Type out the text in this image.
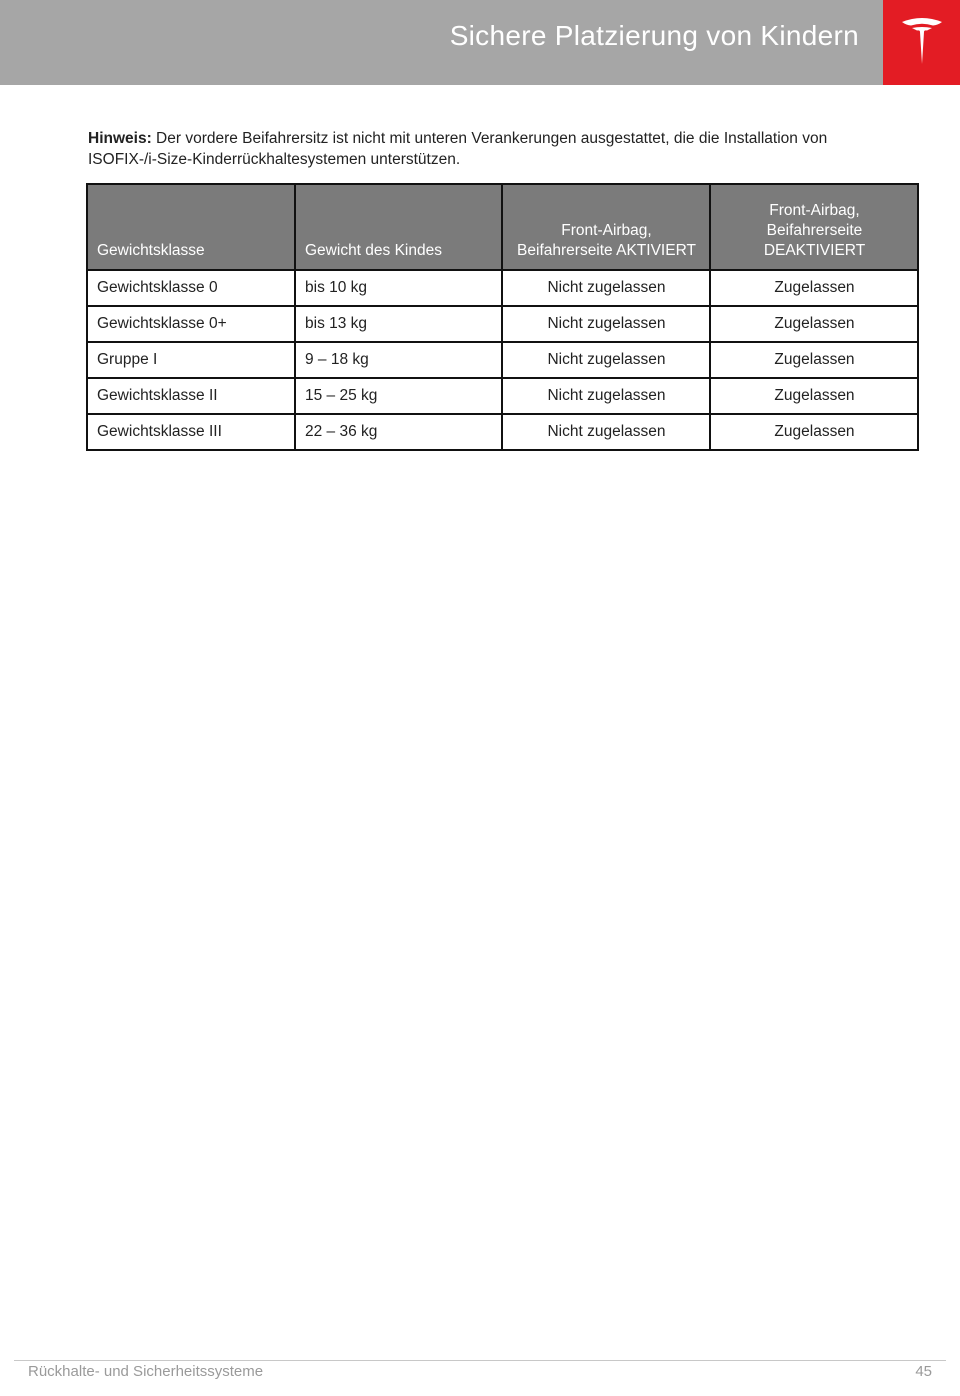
Sichere Platzierung von Kindern
Hinweis: Der vordere Beifahrersitz ist nicht mit unteren Verankerungen ausgestattet, die die Installation von ISOFIX-/i-Size-Kinderrückhaltesystemen unterstützen.
Gewichtsklasse	Gewicht des Kindes	Front-Airbag, Beifahrerseite AKTIVIERT	Front-Airbag, Beifahrerseite DEAKTIVIERT
Gewichtsklasse 0	bis 10 kg	Nicht zugelassen	Zugelassen
Gewichtsklasse 0+	bis 13 kg	Nicht zugelassen	Zugelassen
Gruppe I	9 – 18 kg	Nicht zugelassen	Zugelassen
Gewichtsklasse II	15 – 25 kg	Nicht zugelassen	Zugelassen
Gewichtsklasse III	22 – 36 kg	Nicht zugelassen	Zugelassen
Rückhalte- und Sicherheitssysteme	45
